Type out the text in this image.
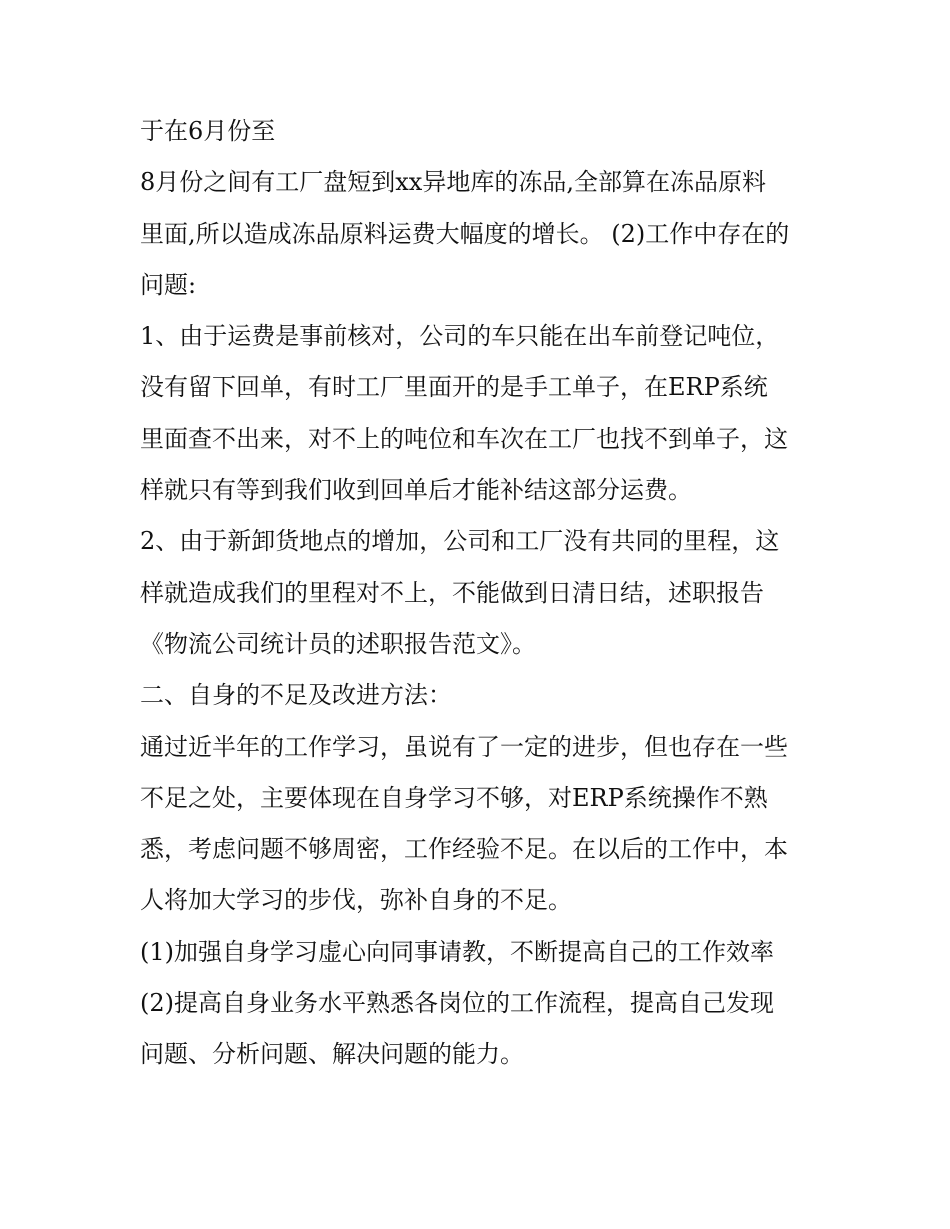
于在6月份至
8月份之间有工厂盘短到xx异地库的冻品,全部算在冻品原料
里面,所以造成冻品原料运费大幅度的增长。 (2)工作中存在的
问题:
1、由于运费是事前核对，公司的车只能在出车前登记吨位，
没有留下回单，有时工厂里面开的是手工单子，在ERP系统
里面查不出来，对不上的吨位和车次在工厂也找不到单子，这
样就只有等到我们收到回单后才能补结这部分运费。
2、由于新卸货地点的增加，公司和工厂没有共同的里程，这
样就造成我们的里程对不上，不能做到日清日结，述职报告
《物流公司统计员的述职报告范文》。
二、自身的不足及改进方法：
通过近半年的工作学习，虽说有了一定的进步，但也存在一些
不足之处，主要体现在自身学习不够，对ERP系统操作不熟
悉，考虑问题不够周密，工作经验不足。在以后的工作中，本
人将加大学习的步伐，弥补自身的不足。
(1)加强自身学习虚心向同事请教，不断提高自己的工作效率
(2)提高自身业务水平熟悉各岗位的工作流程，提高自己发现
问题、分析问题、解决问题的能力。
